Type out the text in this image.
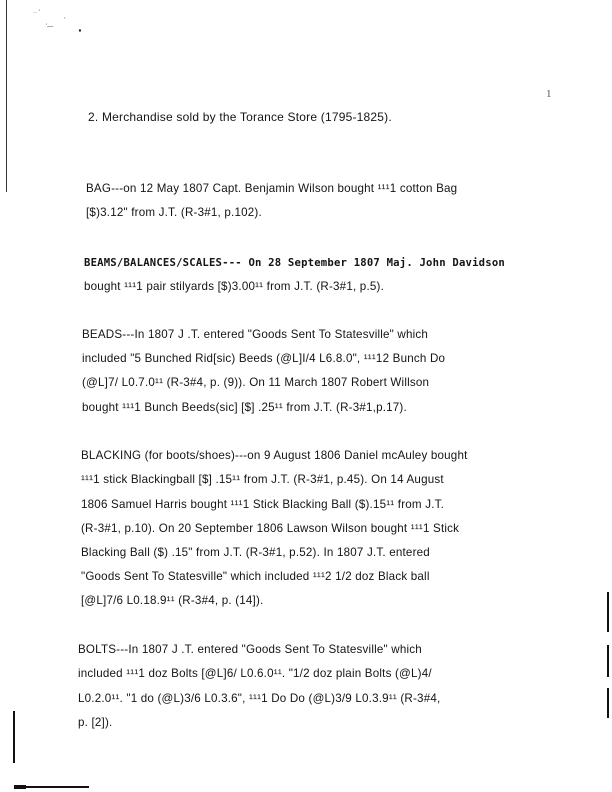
·· '
,
'— ·
1
2. Merchandise sold by the Torance Store (1795-1825).
BAG---on 12 May 1807 Capt. Benjamin Wilson bought ¹¹¹1 cotton Bag
[$)3.12" from J.T. (R-3#1, p.102).
BEAMS/BALANCES/SCALES--- On 28 September 1807 Maj. John Davidson
bought ¹¹¹1 pair stilyards [$)3.00¹¹ from J.T. (R-3#1, p.5).
BEADS---In 1807 J .T. entered "Goods Sent To Statesville" which
included "5 Bunched Rid[sic) Beeds (@L]I/4 L6.8.0", ¹¹¹12 Bunch Do
(@L]7/ L0.7.0¹¹ (R-3#4, p. (9)). On 11 March 1807 Robert Willson
bought ¹¹¹1 Bunch Beeds(sic] [$] .25¹¹ from J.T. (R-3#1,p.17).
BLACKING (for boots/shoes)---on 9 August 1806 Daniel mcAuley bought
¹¹¹1 stick Blackingball [$] .15¹¹ from J.T. (R-3#1, p.45). On 14 August
1806 Samuel Harris bought ¹¹¹1 Stick Blacking Ball ($).15¹¹ from J.T.
(R-3#1, p.10). On 20 September 1806 Lawson Wilson bought ¹¹¹1 Stick
Blacking Ball ($) .15" from J.T. (R-3#1, p.52). In 1807 J.T. entered
"Goods Sent To Statesville" which included ¹¹¹2 1/2 doz Black ball
[@L]7/6 L0.18.9¹¹ (R-3#4, p. (14]).
BOLTS---In 1807 J .T. entered "Goods Sent To Statesville" which
included ¹¹¹1 doz Bolts [@L]6/ L0.6.0¹¹. "1/2 doz plain Bolts (@L)4/
L0.2.0¹¹. "1 do (@L)3/6 L0.3.6", ¹¹¹1 Do Do (@L)3/9 L0.3.9¹¹ (R-3#4,
p. [2]).
